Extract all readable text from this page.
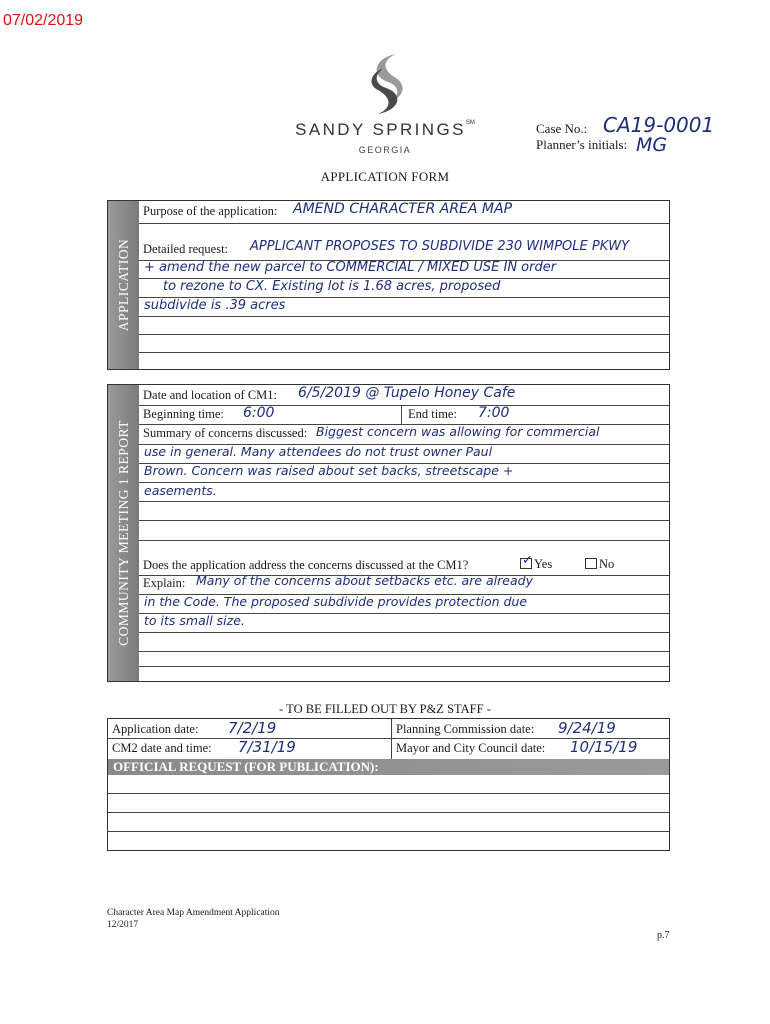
07/02/2019
SANDY SPRINGS℠
GEORGIA
Case No.: CA19-0001
Planner’s initials: MG
APPLICATION FORM
APPLICATION
Purpose of the application: AMEND CHARACTER AREA MAP
Detailed request: APPLICANT PROPOSES TO SUBDIVIDE 230 WIMPOLE PKWY
+ amend the new parcel to COMMERCIAL / MIXED USE IN order
to rezone to CX. Existing lot is 1.68 acres, proposed
subdivide is .39 acres
COMMUNITY MEETING 1 REPORT
Date and location of CM1: 6/5/2019 @ Tupelo Honey Cafe
Beginning time: 6:00	End time: 7:00
Summary of concerns discussed: Biggest concern was allowing for commercial
use in general. Many attendees do not trust owner Paul
Brown. Concern was raised about set backs, streetscape +
easements.
Does the application address the concerns discussed at the CM1?	✓ Yes	No
Explain: Many of the concerns about setbacks etc. are already
in the Code. The proposed subdivide provides protection due
to its small size.
- TO BE FILLED OUT BY P&Z STAFF -
Application date: 7/2/19	Planning Commission date: 9/24/19
CM2 date and time: 7/31/19	Mayor and City Council date: 10/15/19
OFFICIAL REQUEST (FOR PUBLICATION):
Character Area Map Amendment Application
12/2017
p.7
